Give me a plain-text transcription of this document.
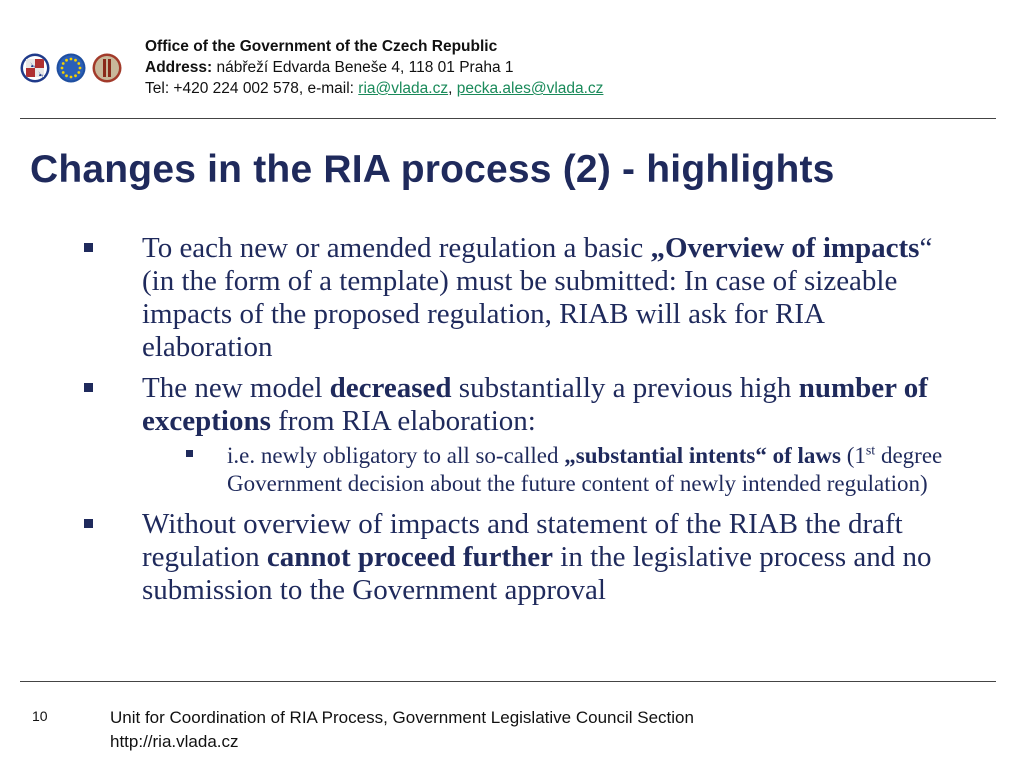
Office of the Government of the Czech Republic
Address: nábřeží Edvarda Beneše 4, 118 01 Praha 1
Tel: +420 224 002 578, e-mail: ria@vlada.cz, pecka.ales@vlada.cz
Changes in the RIA process (2) - highlights
To each new or amended regulation a basic „Overview of impacts“ (in the form of a template) must be submitted: In case of sizeable impacts of the proposed regulation, RIAB will ask for RIA elaboration
The new model decreased substantially a previous high number of exceptions from RIA elaboration:
i.e. newly obligatory to all so-called „substantial intents“ of laws (1st degree Government decision about the future content of newly intended regulation)
Without overview of impacts and statement of the RIAB the draft regulation cannot proceed further in the legislative process and no submission to the Government approval
10	Unit for Coordination of RIA Process, Government Legislative Council Section
http://ria.vlada.cz
